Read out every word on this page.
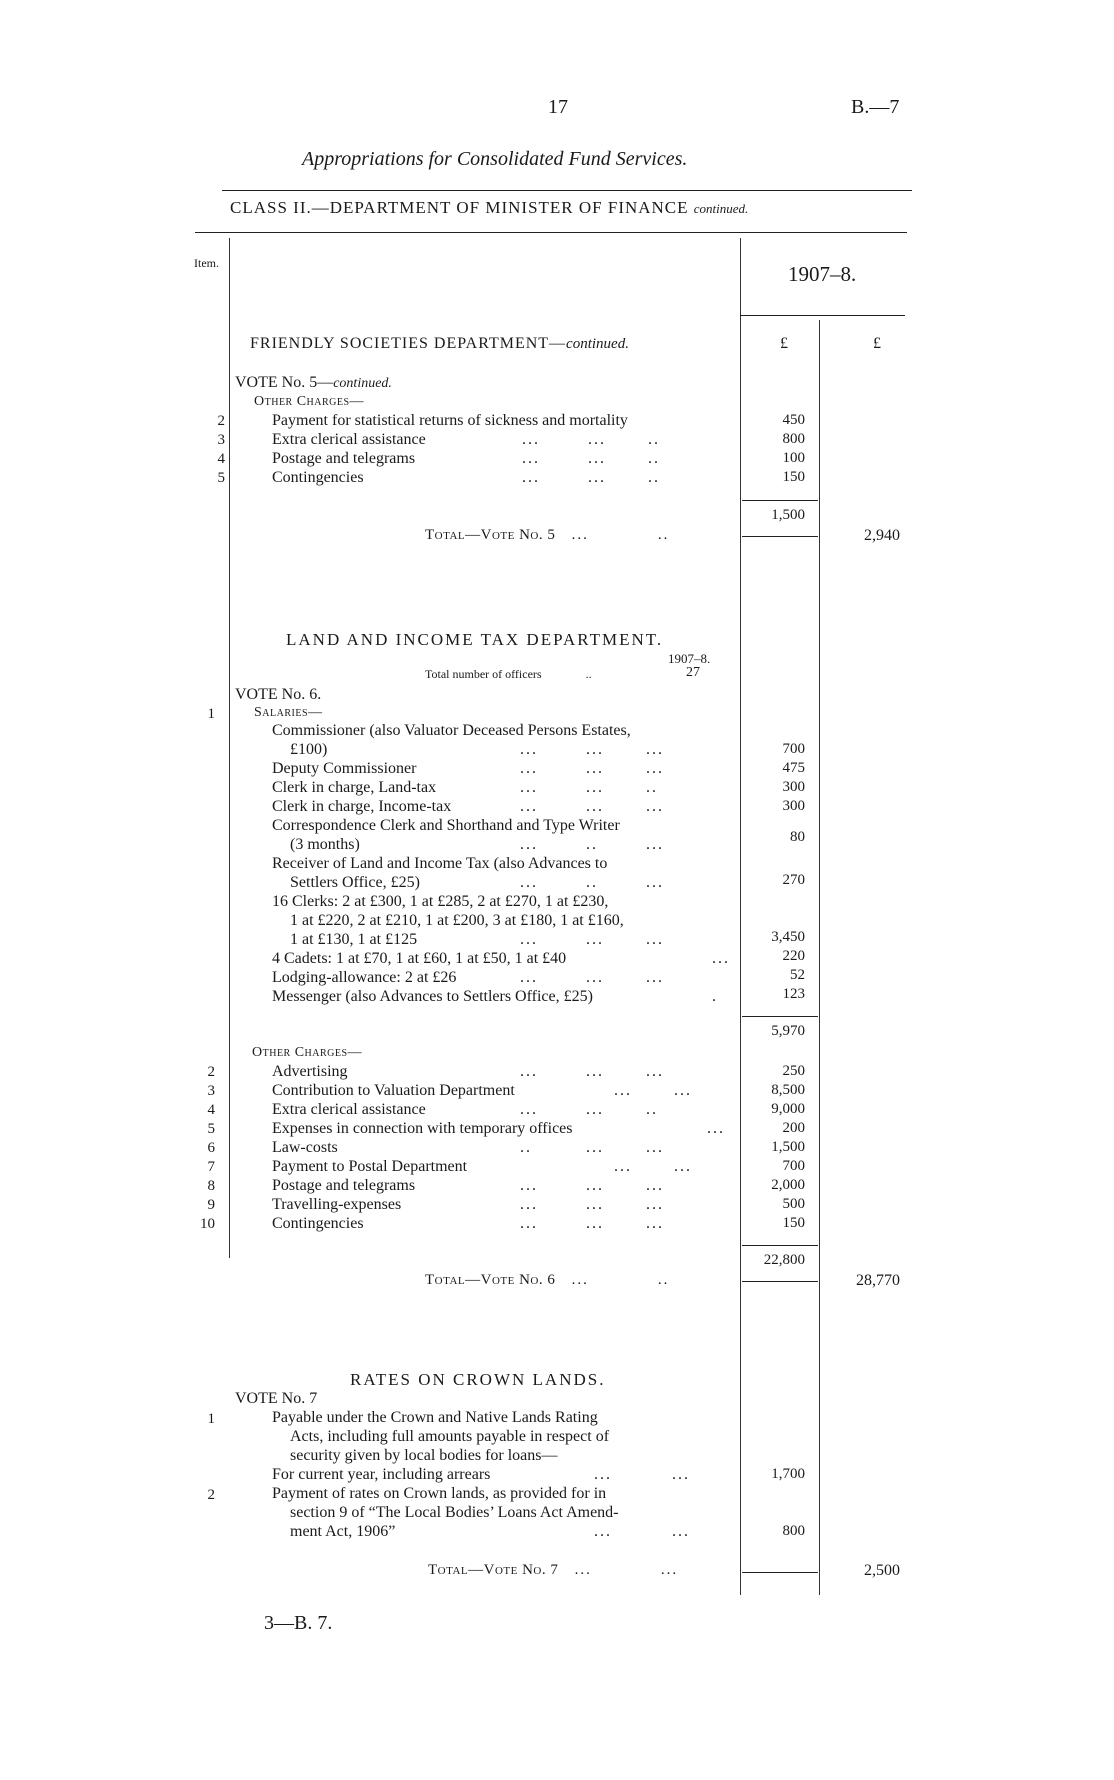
17	B.—7
Appropriations for Consolidated Fund Services.
CLASS II.—DEPARTMENT OF MINISTER OF FINANCE continued.
Item.	1907–8.
FRIENDLY SOCIETIES DEPARTMENT—continued.	£	£
VOTE No. 5—continued.
Other Charges—
2	Payment for statistical returns of sickness and mortality	450
3	Extra clerical assistance	...        ...       ..	800
4	Postage and telegrams	...        ...       ..	100
5	Contingencies	...        ...       ..	150
1,500
Total—Vote No. 5 ...            ..	2,940
LAND AND INCOME TAX DEPARTMENT.
1907–8.
Total number of officers	..	27
VOTE No. 6.
1	Salaries—
Commissioner (also Valuator Deceased Persons Estates,
£100)	...        ...       ...	700
Deputy Commissioner	...        ...       ...	475
Clerk in charge, Land-tax	...        ...       ..	300
Clerk in charge, Income-tax	...        ...       ...	300
Correspondence Clerk and Shorthand and Type Writer
(3 months)	...        ..        ...	80
Receiver of Land and Income Tax (also Advances to
Settlers Office, £25)	...        ..        ...	270
16 Clerks: 2 at £300, 1 at £285, 2 at £270, 1 at £230,
1 at £220, 2 at £210, 1 at £200, 3 at £180, 1 at £160,
1 at £130, 1 at £125	...        ...       ...	3,450
4 Cadets: 1 at £70, 1 at £60, 1 at £50, 1 at £40	...	220
Lodging-allowance: 2 at £26	...        ...       ...	52
Messenger (also Advances to Settlers Office, £25)	.	123
5,970
Other Charges—
2	Advertising	...        ...       ...	250
3	Contribution to Valuation Department	...       ...	8,500
4	Extra clerical assistance	...        ...       ..	9,000
5	Expenses in connection with temporary offices	...	200
6	Law-costs	..         ...       ...	1,500
7	Payment to Postal Department	...       ...	700
8	Postage and telegrams	...        ...       ...	2,000
9	Travelling-expenses	...        ...       ...	500
10	Contingencies	...        ...       ...	150
22,800
Total—Vote No. 6 ...            ..	28,770
RATES ON CROWN LANDS.
VOTE No. 7
1	Payable under the Crown and Native Lands Rating
Acts, including full amounts payable in respect of
security given by local bodies for loans—
For current year, including arrears	...          ...	1,700
2	Payment of rates on Crown lands, as provided for in
section 9 of “The Local Bodies’ Loans Act Amend-
ment Act, 1906”	...          ...	800
Total—Vote No. 7 ...            ...	2,500
3—B. 7.
